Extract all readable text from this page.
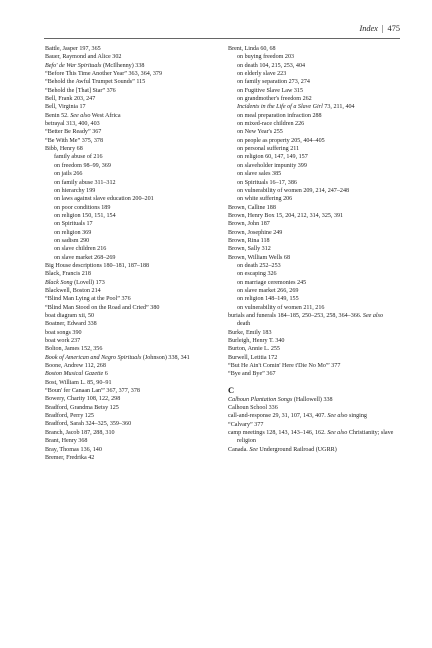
Index | 475
Battle, Jasper 197, 365
Bauer, Raymond and Alice 302
Befo' de War Spirituals (McIlhenny) 338
“Before This Time Another Year” 363, 364, 379
“Behold the Awful Trumpet Sounds” 115
“Behold the [That] Star” 376
Bell, Frank 203, 247
Bell, Virginia 17
Benin 52. See also West Africa
betrayal 313, 400, 403
“Better Be Ready” 367
“Be With Me” 375, 378
Bibb, Henry 68
family abuse of 216
on freedom 98–99, 369
on jails 266
on family abuse 311–312
on hierarchy 199
on laws against slave education 200–201
on poor conditions 189
on religion 150, 151, 154
on Spirituals 17
on religion 369
on sadism 290
on slave children 216
on slave market 268–269
Big House descriptions 180–181, 187–188
Black, Francis 218
Black Song (Lovell) 173
Blackwell, Boston 214
“Blind Man Lying at the Pool” 376
“Blind Man Stood on the Road and Cried” 380
boat diagram xii, 50
Boatner, Edward 338
boat songs 390
boat work 237
Bolton, James 152, 356
Book of American and Negro Spirituals (Johnson) 338, 341
Boone, Andrew 112, 268
Boston Musical Gazette 6
Bost, William L. 85, 90–91
“Boun' fer Canaan Lan'” 367, 377, 378
Bowery, Charity 108, 122, 298
Bradford, Grandma Betsy 125
Bradford, Perry 125
Bradford, Sarah 324–325, 359–360
Branch, Jacob 187, 288, 310
Brant, Henry 368
Bray, Thomas 136, 140
Bremer, Fredrika 42
Brent, Linda 60, 68
on buying freedom 203
on death 104, 215, 253, 404
on elderly slave 223
on family separation 273, 274
on Fugitive Slave Law 315
on grandmother's freedom 262
Incidents in the Life of a Slave Girl 73, 211, 404
on meal preparation infraction 288
on mixed-race children 226
on New Year's 255
on people as property 205, 404–405
on personal suffering 211
on religion 60, 147, 149, 157
on slaveholder impunity 399
on slave sales 385
on Spirituals 16–17, 386
on vulnerability of women 209, 214, 247–248
on white suffering 206
Brown, Calline 188
Brown, Henry Box 15, 204, 212, 314, 325, 391
Brown, John 187
Brown, Josephine 249
Brown, Rina 118
Brown, Sally 312
Brown, William Wells 68
on death 252–253
on escaping 326
on marriage ceremonies 245
on slave market 266, 269
on religion 148–149, 155
on vulnerability of women 211, 216
burials and funerals 184–185, 250–253, 258, 364–366. See also death
Burke, Emily 183
Burleigh, Henry T. 340
Burton, Annie L. 255
Burwell, Letitia 172
“But He Ain't Comin' Here t'Die No Mo'” 377
“Bye and Bye” 367
C
Calhoun Plantation Songs (Hallowell) 338
Calhoun School 336
call-and-response 29, 31, 107, 143, 407. See also singing
“Calvary” 377
camp meetings 128, 143, 143–146, 162. See also Christianity; slave religion
Canada. See Underground Railroad (UGRR)
